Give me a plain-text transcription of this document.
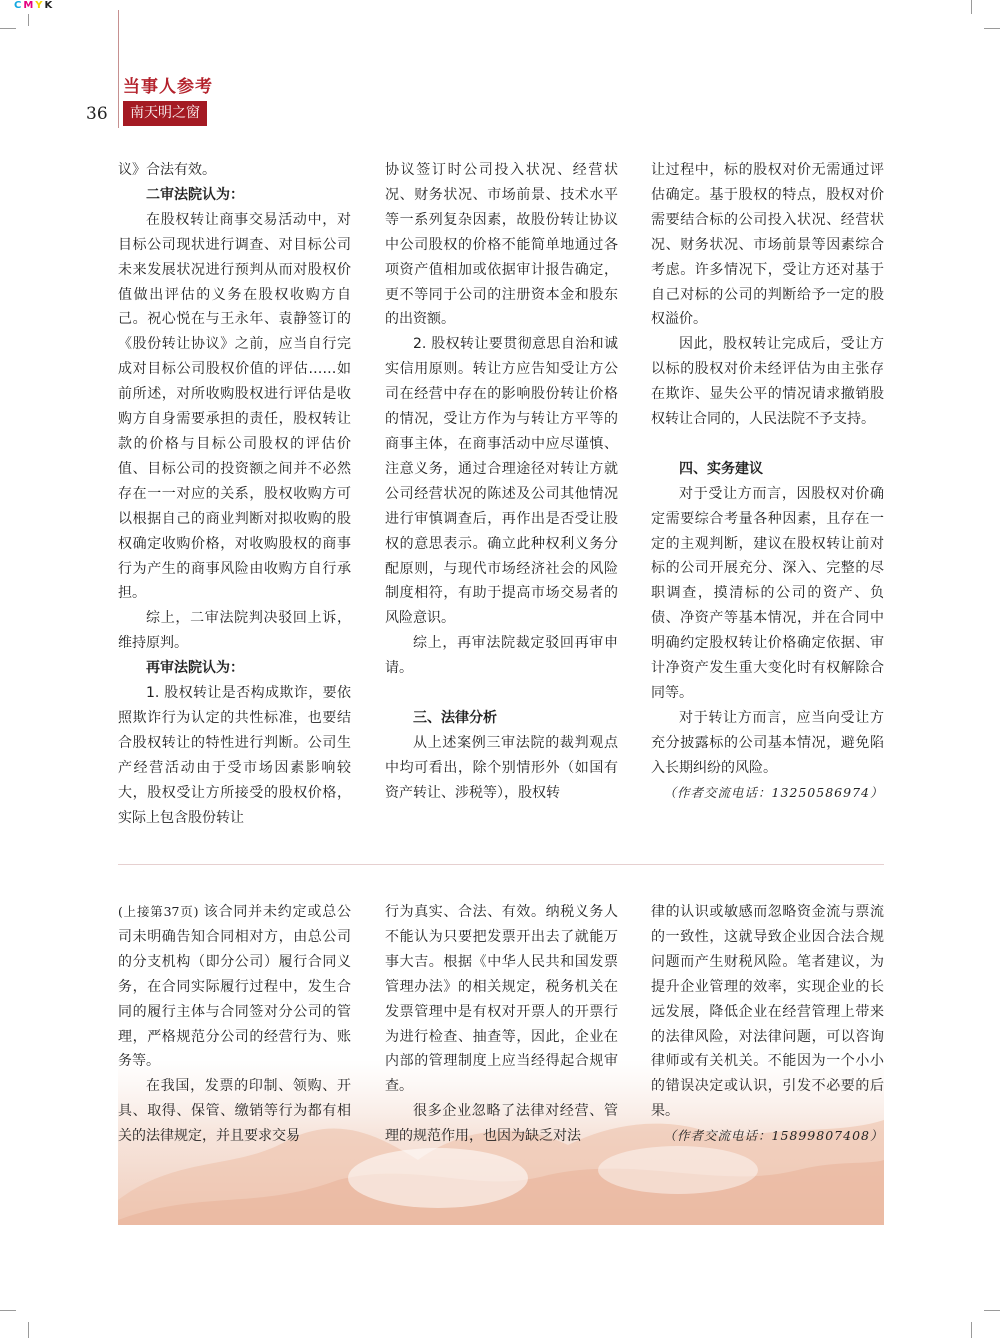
CMYK
当事人参考
36	南天明之窗

议》合法有效。

二审法院认为：

在股权转让商事交易活动中，对目标公司现状进行调查、对目标公司未来发展状况进行预判从而对股权价值做出评估的义务在股权收购方自己。祝心悦在与王永年、袁静签订的《股份转让协议》之前，应当自行完成对目标公司股权价值的评估……如前所述，对所收购股权进行评估是收购方自身需要承担的责任，股权转让款的价格与目标公司股权的评估价值、目标公司的投资额之间并不必然存在一一对应的关系，股权收购方可以根据自己的商业判断对拟收购的股权确定收购价格，对收购股权的商事行为产生的商事风险由收购方自行承担。

综上，二审法院判决驳回上诉，维持原判。

再审法院认为：

1. 股权转让是否构成欺诈，要依照欺诈行为认定的共性标准，也要结合股权转让的特性进行判断。公司生产经营活动由于受市场因素影响较大，股权受让方所接受的股权价格，实际上包含股份转让

协议签订时公司投入状况、经营状况、财务状况、市场前景、技术水平等一系列复杂因素，故股份转让协议中公司股权的价格不能简单地通过各项资产值相加或依据审计报告确定，更不等同于公司的注册资本金和股东的出资额。

2. 股权转让要贯彻意思自治和诚实信用原则。转让方应告知受让方公司在经营中存在的影响股份转让价格的情况，受让方作为与转让方平等的商事主体，在商事活动中应尽谨慎、注意义务，通过合理途径对转让方就公司经营状况的陈述及公司其他情况进行审慎调查后，再作出是否受让股权的意思表示。确立此种权利义务分配原则，与现代市场经济社会的风险制度相符，有助于提高市场交易者的风险意识。

综上，再审法院裁定驳回再审申请。

三、法律分析

从上述案例三审法院的裁判观点中均可看出，除个别情形外（如国有资产转让、涉税等），股权转

让过程中，标的股权对价无需通过评估确定。基于股权的特点，股权对价需要结合标的公司投入状况、经营状况、财务状况、市场前景等因素综合考虑。许多情况下，受让方还对基于自己对标的公司的判断给予一定的股权溢价。

因此，股权转让完成后，受让方以标的股权对价未经评估为由主张存在欺诈、显失公平的情况请求撤销股权转让合同的，人民法院不予支持。

四、实务建议

对于受让方而言，因股权对价确定需要综合考量各种因素，且存在一定的主观判断，建议在股权转让前对标的公司开展充分、深入、完整的尽职调查，摸清标的公司的资产、负债、净资产等基本情况，并在合同中明确约定股权转让价格确定依据、审计净资产发生重大变化时有权解除合同等。

对于转让方而言，应当向受让方充分披露标的公司基本情况，避免陷入长期纠纷的风险。

（作者交流电话：13250586974）

(上接第37页) 该合同并未约定或总公司未明确告知合同相对方，由总公司的分支机构（即分公司）履行合同义务，在合同实际履行过程中，发生合同的履行主体与合同签对分公司的管理，严格规范分公司的经营行为、账务等。

在我国，发票的印制、领购、开具、取得、保管、缴销等行为都有相关的法律规定，并且要求交易

行为真实、合法、有效。纳税义务人不能认为只要把发票开出去了就能万事大吉。根据《中华人民共和国发票管理办法》的相关规定，税务机关在发票管理中是有权对开票人的开票行为进行检查、抽查等，因此，企业在内部的管理制度上应当经得起合规审查。

很多企业忽略了法律对经营、管理的规范作用，也因为缺乏对法

律的认识或敏感而忽略资金流与票流的一致性，这就导致企业因合法合规问题而产生财税风险。笔者建议，为提升企业管理的效率，实现企业的长远发展，降低企业在经营管理上带来的法律风险，对法律问题，可以咨询律师或有关机关。不能因为一个小小的错误决定或认识，引发不必要的后果。

（作者交流电话：15899807408）
